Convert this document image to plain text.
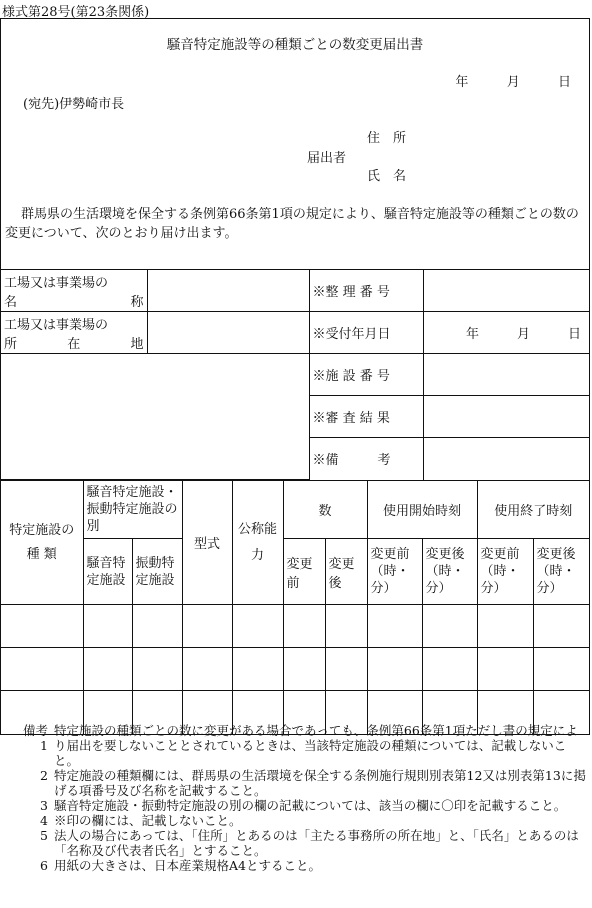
様式第28号(第23条関係)
騒音特定施設等の種類ごとの数変更届出書
年	月	日
(宛先)伊勢崎市長
住　所
届出者
氏　名
群馬県の生活環境を保全する条例第66条第1項の規定により、騒音特定施設等の種類ごとの数の変更について、次のとおり届け出ます。
工場又は事業場の
名　　　　　　称		※整 理 番 号	

工場又は事業場の
所　　在　　地		※受付年月日	年 月 日
		※施 設 番 号	
		※審 査 結 果	
		※備　　　考	
特定施設の 種 類	騒音特定施設・振動特定施設の別		型式	公称能力	数		使用開始時刻		使用終了時刻	
	騒音特定施設	振動特定施設			変更前	変更後	変更前（時・分）	変更後（時・分）	変更前（時・分）	変更後（時・分）

備考1
特定施設の種類ごとの数に変更がある場合であっても、条例第66条第1項ただし書の規定により届出を要しないこととされているときは、当該特定施設の種類については、記載しないこと。
2 特定施設の種類欄には、群馬県の生活環境を保全する条例施行規則別表第12又は別表第13に掲げる項番号及び名称を記載すること。
3 騒音特定施設・振動特定施設の別の欄の記載については、該当の欄に〇印を記載すること。
4 ※印の欄には、記載しないこと。
5 法人の場合にあっては、「住所」とあるのは「主たる事務所の所在地」と、「氏名」とあるのは「名称及び代表者氏名」とすること。
6 用紙の大きさは、日本産業規格A4とすること。
